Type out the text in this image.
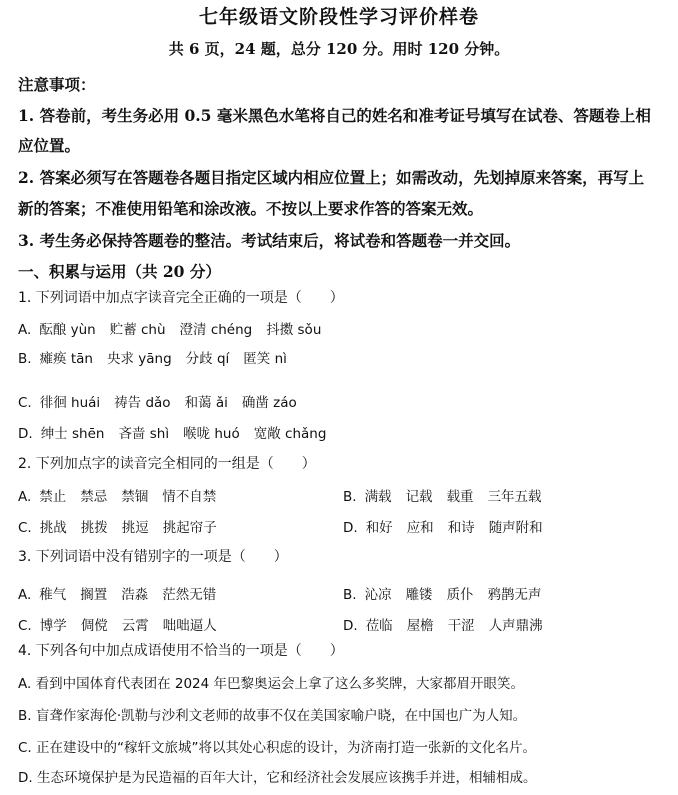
七年级语文阶段性学习评价样卷
共 6 页，24 题，总分 120 分。用时 120 分钟。
注意事项：
1. 答卷前，考生务必用 0.5 毫米黑色水笔将自己的姓名和准考证号填写在试卷、答题卷上相
应位置。
2. 答案必须写在答题卷各题目指定区域内相应位置上；如需改动，先划掉原来答案，再写上
新的答案；不准使用铅笔和涂改液。不按以上要求作答的答案无效。
3. 考生务必保持答题卷的整洁。考试结束后，将试卷和答题卷一并交回。
一、积累与运用（共 20 分）
1. 下列词语中加点字读音完全正确的一项是（　　）
A. 酝酿 yùn 贮蓄 chù 澄清 chéng 抖擞 sǒu
B. 瘫痪 tān 央求 yāng 分歧 qí 匿笑 nì
C. 徘徊 huái 祷告 dǎo 和蔼 ǎi 确凿 záo
D. 绅士 shēn 吝啬 shì 喉咙 huó 宽敞 chǎng
2. 下列加点字的读音完全相同的一组是（　　）
A. 禁止 禁忌 禁锢 情不自禁	B. 满载 记载 载重 三年五载
C. 挑战 挑拨 挑逗 挑起帘子	D. 和好 应和 和诗 随声附和
3. 下列词语中没有错别字的一项是（　　）
A. 稚气 搁置 浩淼 茫然无错	B. 沁凉 雕镂 质仆 鸦鹊无声
C. 博学 倜傥 云霄 咄咄逼人	D. 莅临 屋檐 干涩 人声鼎沸
4. 下列各句中加点成语使用不恰当的一项是（　　）
A. 看到中国体育代表团在 2024 年巴黎奥运会上拿了这么多奖牌，大家都眉开眼笑。
B. 盲聋作家海伦·凯勒与沙利文老师的故事不仅在美国家喻户晓，在中国也广为人知。
C. 正在建设中的“稼轩文旅城”将以其处心积虑的设计，为济南打造一张新的文化名片。
D. 生态环境保护是为民造福的百年大计，它和经济社会发展应该携手并进，相辅相成。
